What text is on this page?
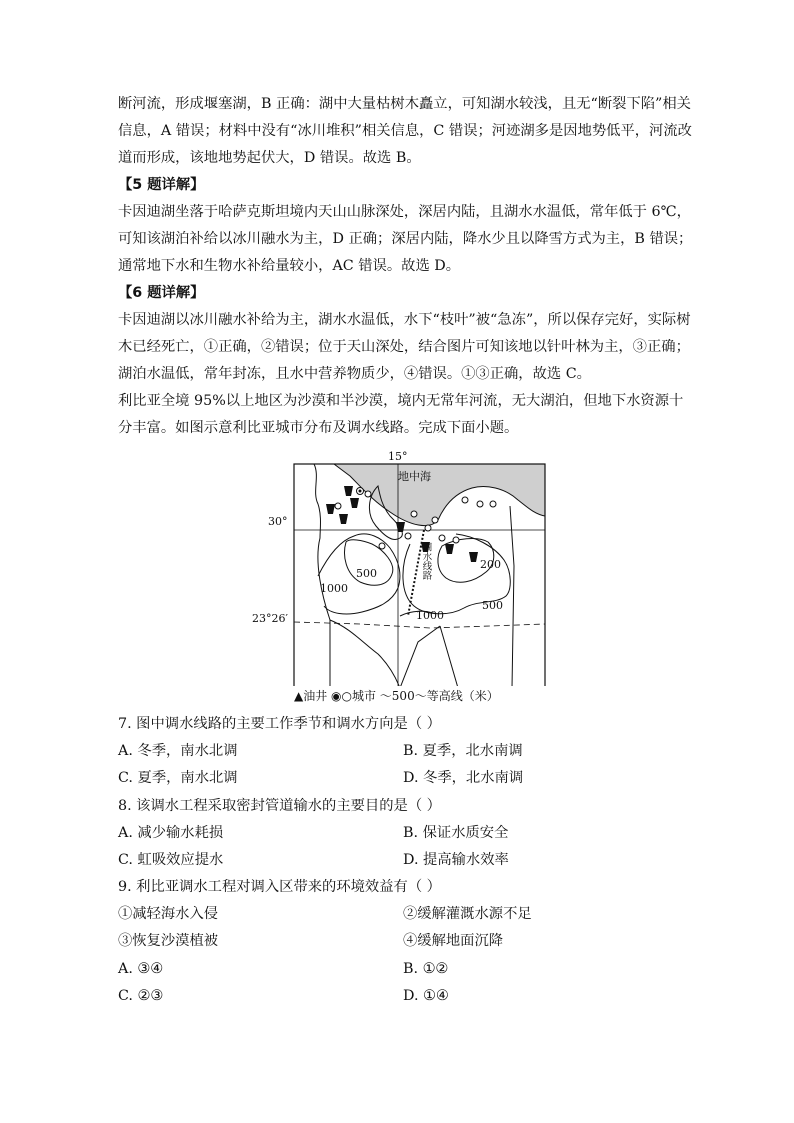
断河流，形成堰塞湖，B 正确：湖中大量枯树木矗立，可知湖水较浅，且无“断裂下陷”相关
信息，A 错误；材料中没有“冰川堆积”相关信息，C 错误；河迹湖多是因地势低平，河流改
道而形成，该地地势起伏大，D 错误。故选 B。
【5 题详解】
卡因迪湖坐落于哈萨克斯坦境内天山山脉深处，深居内陆，且湖水水温低，常年低于 6℃，
可知该湖泊补给以冰川融水为主，D 正确；深居内陆，降水少且以降雪方式为主，B 错误；
通常地下水和生物水补给量较小，AC 错误。故选 D。
【6 题详解】
卡因迪湖以冰川融水补给为主，湖水水温低，水下“枝叶”被“急冻”，所以保存完好，实际树
木已经死亡，①正确，②错误；位于天山深处，结合图片可知该地以针叶林为主，③正确；
湖泊水温低，常年封冻，且水中营养物质少，④错误。①③正确，故选 C。
利比亚全境 95%以上地区为沙漠和半沙漠，境内无常年河流，无大湖泊，但地下水资源十
分丰富。如图示意利比亚城市分布及调水线路。完成下面小题。
15°
地中海
30°
23°26′
500
1000
200
1000
500
调水线路
▲油井 ◉○城市 ～500～等高线（米）
7. 图中调水线路的主要工作季节和调水方向是（ ）
A. 冬季，南水北调	B. 夏季，北水南调
C. 夏季，南水北调	D. 冬季，北水南调
8. 该调水工程采取密封管道输水的主要目的是（ ）
A. 减少输水耗损	B. 保证水质安全
C. 虹吸效应提水	D. 提高输水效率
9. 利比亚调水工程对调入区带来的环境效益有（ ）
①减轻海水入侵	②缓解灌溉水源不足
③恢复沙漠植被	④缓解地面沉降
A. ③④	B. ①②
C. ②③	D. ①④
